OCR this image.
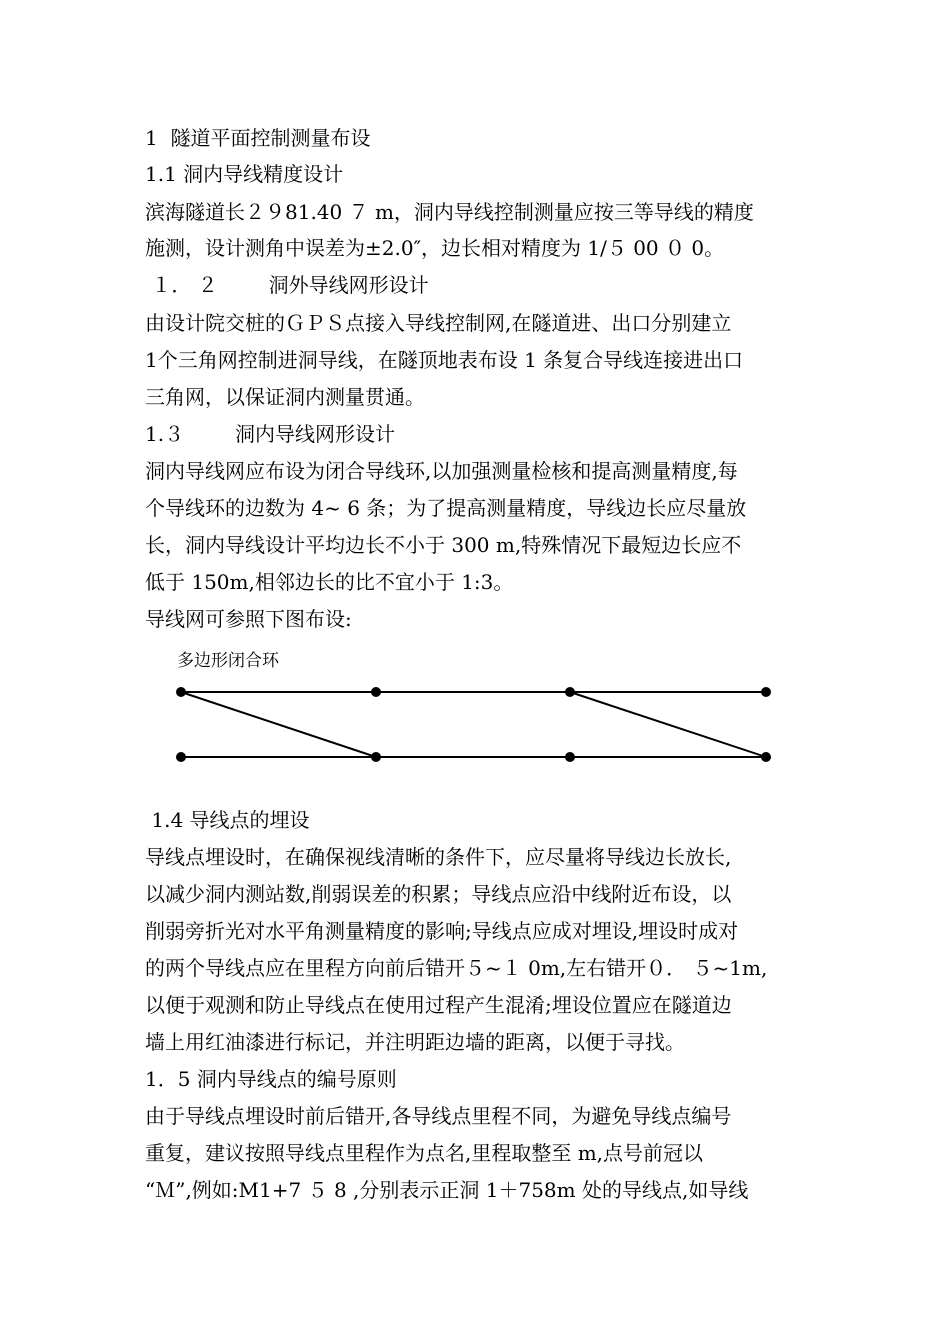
1  隧道平面控制测量布设
1.1 洞内导线精度设计
滨海隧道长２９81.40 ７ m，洞内导线控制测量应按三等导线的精度
施测，设计测角中误差为±2.0″，边长相对精度为 1/５ 00 ０ 0。
１． ２        洞外导线网形设计
由设计院交桩的ＧＰＳ点接入导线控制网,在隧道进、出口分别建立
1个三角网控制进洞导线，在隧顶地表布设 1 条复合导线连接进出口
三角网，以保证洞内测量贯通。
1.３        洞内导线网形设计
洞内导线网应布设为闭合导线环,以加强测量检核和提高测量精度,每
个导线环的边数为 4~ 6 条；为了提高测量精度，导线边长应尽量放
长，洞内导线设计平均边长不小于 300 m,特殊情况下最短边长应不
低于 150m,相邻边长的比不宜小于 1:3。
导线网可参照下图布设:
多边形闭合环
1.4 导线点的埋设
导线点埋设时，在确保视线清晰的条件下，应尽量将导线边长放长,
以减少洞内测站数,削弱误差的积累；导线点应沿中线附近布设，以
削弱旁折光对水平角测量精度的影响;导线点应成对埋设,埋设时成对
的两个导线点应在里程方向前后错开５~１ 0m,左右错开０． ５~1m,
以便于观测和防止导线点在使用过程产生混淆;埋设位置应在隧道边
墙上用红油漆进行标记，并注明距边墙的距离，以便于寻找。
1．5 洞内导线点的编号原则
由于导线点埋设时前后错开,各导线点里程不同，为避免导线点编号
重复，建议按照导线点里程作为点名,里程取整至 m,点号前冠以
“Ｍ”,例如:M1+7 ５ 8 ,分别表示正洞 1＋758m 处的导线点,如导线
